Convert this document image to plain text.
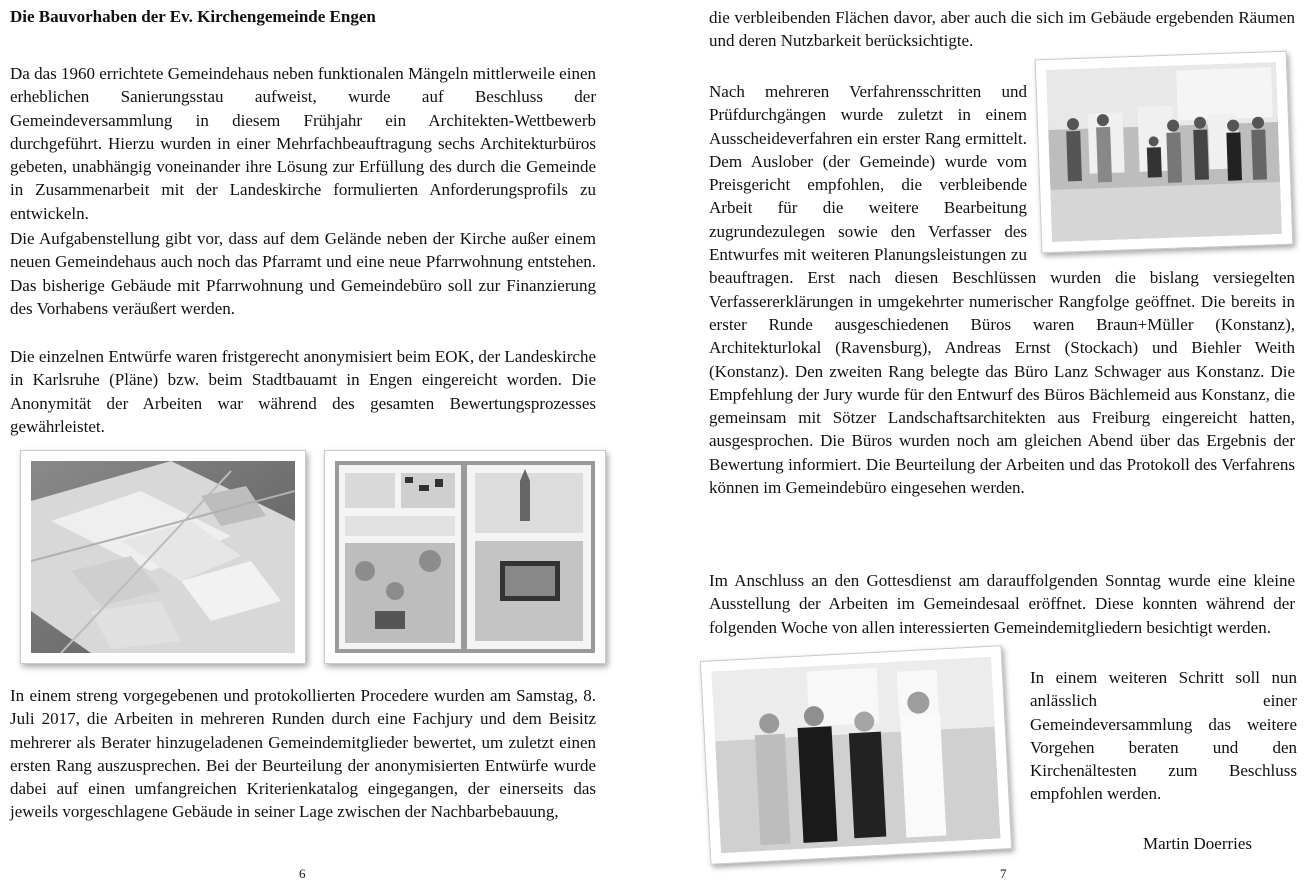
Die Bauvorhaben der Ev. Kirchengemeinde Engen

Da das 1960 errichtete Gemeindehaus neben funktionalen Mängeln mittlerweile einen erheblichen Sanierungsstau aufweist, wurde auf Beschluss der Gemeindeversammlung in diesem Frühjahr ein Architekten-Wettbewerb durchgeführt. Hierzu wurden in einer Mehrfachbeauftragung sechs Architekturbüros gebeten, unabhängig voneinander ihre Lösung zur Erfüllung des durch die Gemeinde in Zusammenarbeit mit der Landeskirche formulierten Anforderungsprofils zu entwickeln.

Die Aufgabenstellung gibt vor, dass auf dem Gelände neben der Kirche außer einem neuen Gemeindehaus auch noch das Pfarramt und eine neue Pfarrwohnung entstehen. Das bisherige Gebäude mit Pfarrwohnung und Gemeindebüro soll zur Finanzierung des Vorhabens veräußert werden.

Die einzelnen Entwürfe waren fristgerecht anonymisiert beim EOK, der Landeskirche in Karlsruhe (Pläne) bzw. beim Stadtbauamt in Engen eingereicht worden. Die Anonymität der Arbeiten war während des gesamten Bewertungsprozesses gewährleistet.

In einem streng vorgegebenen und protokollierten Procedere wurden am Samstag, 8. Juli 2017, die Arbeiten in mehreren Runden durch eine Fachjury und dem Beisitz mehrerer als Berater hinzugeladenen Gemeindemitglieder bewertet, um zuletzt einen ersten Rang auszusprechen. Bei der Beurteilung der anonymisierten Entwürfe wurde dabei auf einen umfangreichen Kriterienkatalog eingegangen, der einerseits das jeweils vorgeschlagene Gebäude in seiner Lage zwischen der Nachbarbebauung,

6

die verbleibenden Flächen davor, aber auch die sich im Gebäude ergebenden Räumen und deren Nutzbarkeit berücksichtigte.

Nach mehreren Verfahrensschritten und Prüfdurchgängen wurde zuletzt in einem Ausscheideverfahren ein erster Rang ermittelt. Dem Auslober (der Gemeinde) wurde vom Preisgericht empfohlen, die verbleibende Arbeit für die weitere Bearbeitung zugrundezulegen sowie den Verfasser des Entwurfes mit weiteren Planungsleistungen zu beauftragen. Erst nach diesen Beschlüssen wurden die bislang versiegelten Verfassererklärungen in umgekehrter numerischer Rangfolge geöffnet. Die bereits in erster Runde ausgeschiedenen Büros waren Braun+Müller (Konstanz), Architekturlokal (Ravensburg), Andreas Ernst (Stockach) und Biehler Weith (Konstanz). Den zweiten Rang belegte das Büro Lanz Schwager aus Konstanz. Die Empfehlung der Jury wurde für den Entwurf des Büros Bächlemeid aus Konstanz, die gemeinsam mit Sötzer Landschaftsarchitekten aus Freiburg eingereicht hatten, ausgesprochen. Die Büros wurden noch am gleichen Abend über das Ergebnis der Bewertung informiert. Die Beurteilung der Arbeiten und das Protokoll des Verfahrens können im Gemeindebüro eingesehen werden.

Im Anschluss an den Gottesdienst am darauffolgenden Sonntag wurde eine kleine Ausstellung der Arbeiten im Gemeindesaal eröffnet. Diese konnten während der folgenden Woche von allen interessierten Gemeindemitgliedern besichtigt werden.

In einem weiteren Schritt soll nun anlässlich einer Gemeindeversammlung das weitere Vorgehen beraten und den Kirchenältesten zum Beschluss empfohlen werden.

Martin Doerries
7
